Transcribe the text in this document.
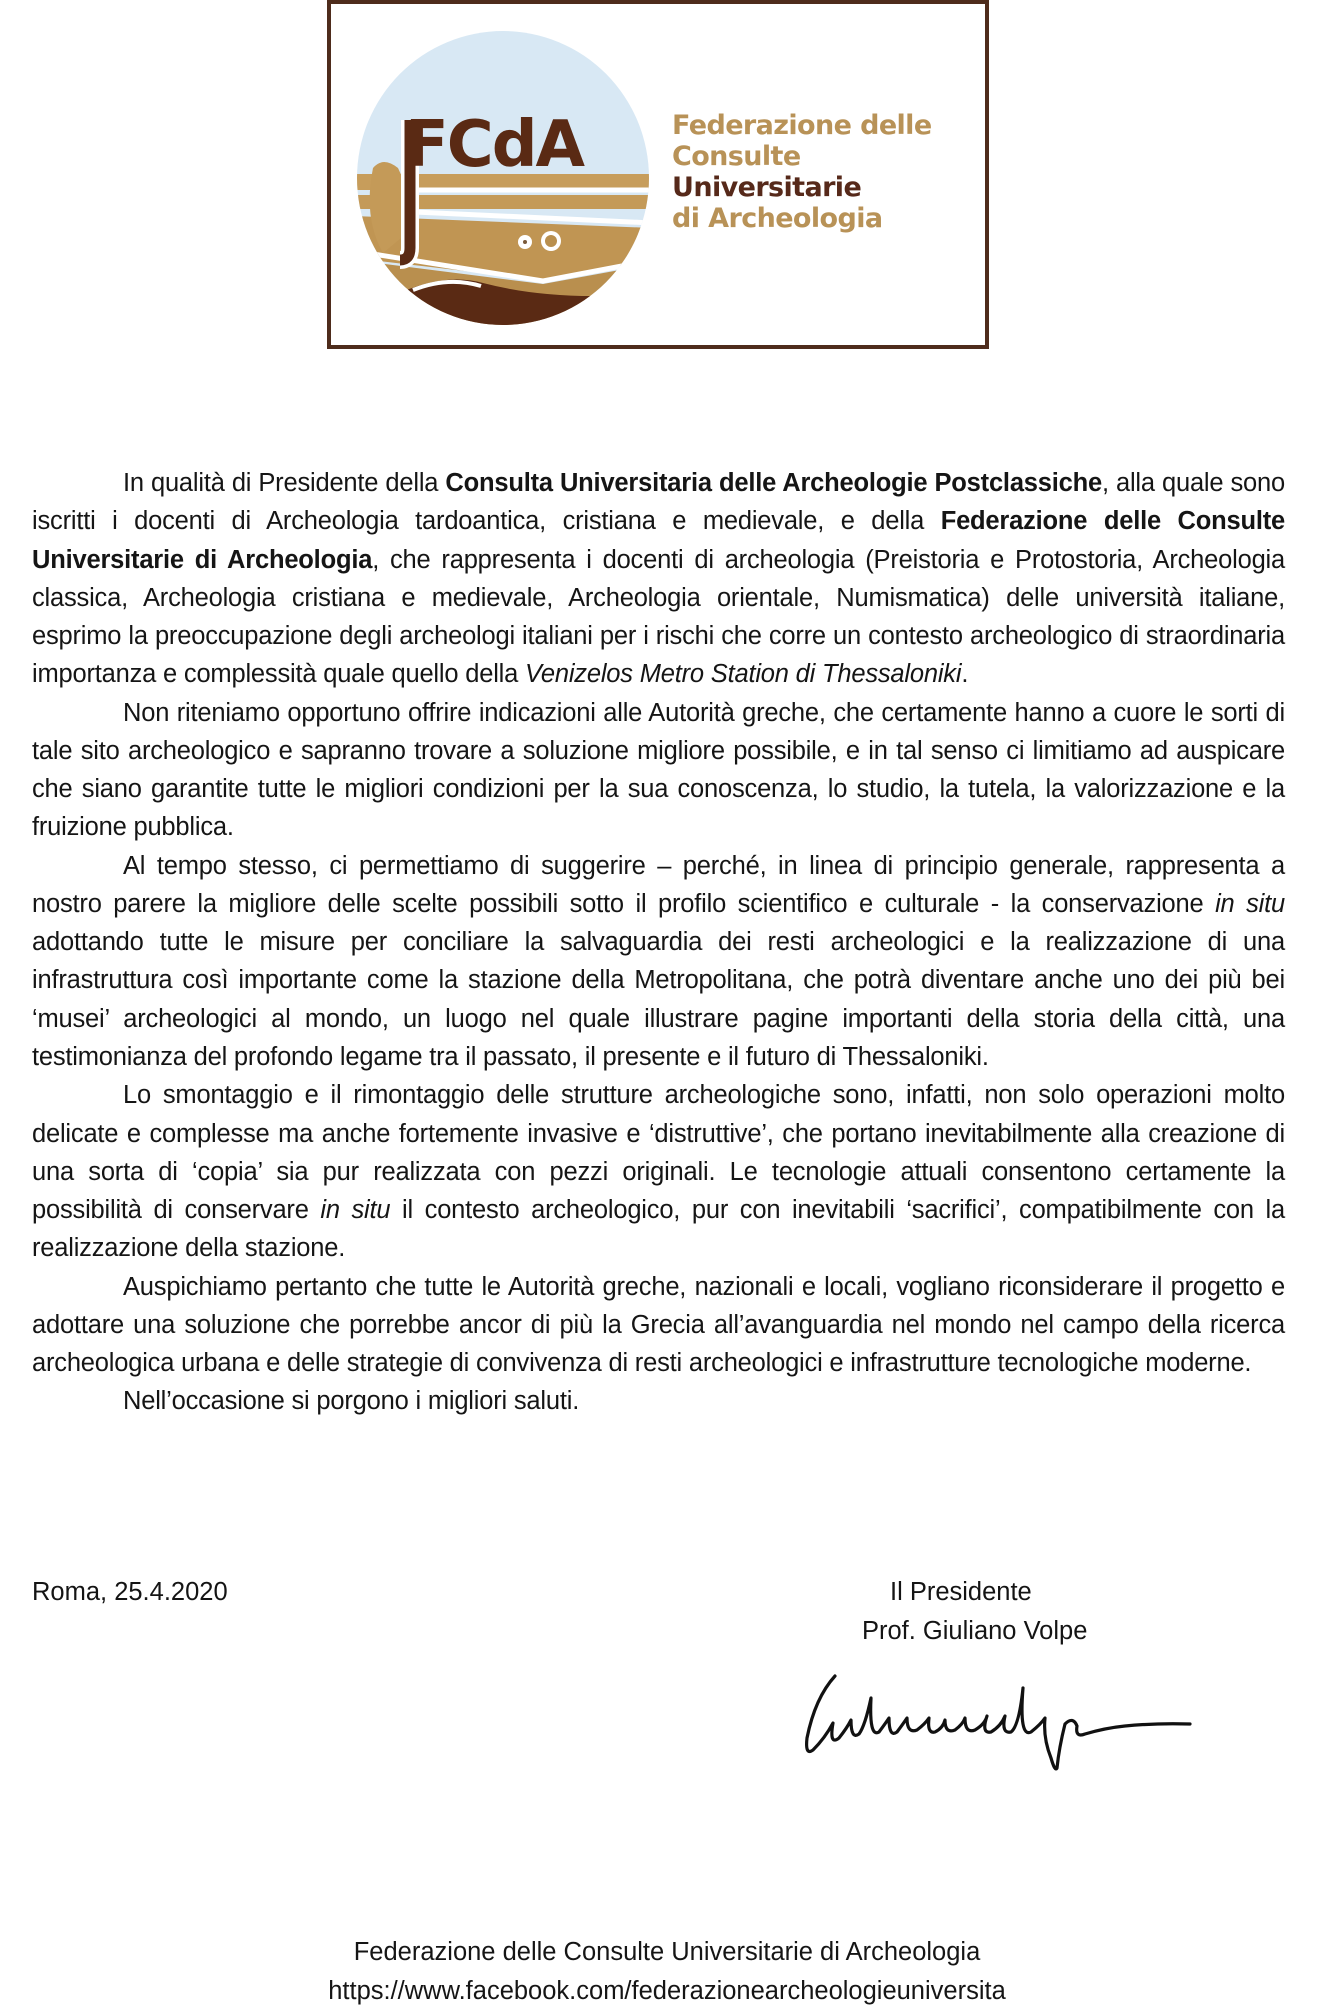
FCdA	Federazione delle
Consulte
Universitarie
di Archeologia

In qualità di Presidente della Consulta Universitaria delle Archeologie Postclassiche, alla quale sono iscritti i docenti di Archeologia tardoantica, cristiana e medievale, e della Federazione delle Consulte Universitarie di Archeologia, che rappresenta i docenti di archeologia (Preistoria e Protostoria, Archeologia classica, Archeologia cristiana e medievale, Archeologia orientale, Numismatica) delle università italiane, esprimo la preoccupazione degli archeologi italiani per i rischi che corre un contesto archeologico di straordinaria importanza e complessità quale quello della Venizelos Metro Station di Thessaloniki.

Non riteniamo opportuno offrire indicazioni alle Autorità greche, che certamente hanno a cuore le sorti di tale sito archeologico e sapranno trovare a soluzione migliore possibile, e in tal senso ci limitiamo ad auspicare che siano garantite tutte le migliori condizioni per la sua conoscenza, lo studio, la tutela, la valorizzazione e la fruizione pubblica.

Al tempo stesso, ci permettiamo di suggerire – perché, in linea di principio generale, rappresenta a nostro parere la migliore delle scelte possibili sotto il profilo scientifico e culturale - la conservazione in situ adottando tutte le misure per conciliare la salvaguardia dei resti archeologici e la realizzazione di una infrastruttura così importante come la stazione della Metropolitana, che potrà diventare anche uno dei più bei ‘musei’ archeologici al mondo, un luogo nel quale illustrare pagine importanti della storia della città, una testimonianza del profondo legame tra il passato, il presente e il futuro di Thessaloniki.

Lo smontaggio e il rimontaggio delle strutture archeologiche sono, infatti, non solo operazioni molto delicate e complesse ma anche fortemente invasive e ‘distruttive’, che portano inevitabilmente alla creazione di una sorta di ‘copia’ sia pur realizzata con pezzi originali. Le tecnologie attuali consentono certamente la possibilità di conservare in situ il contesto archeologico, pur con inevitabili ‘sacrifici’, compatibilmente con la realizzazione della stazione.

Auspichiamo pertanto che tutte le Autorità greche, nazionali e locali, vogliano riconsiderare il progetto e adottare una soluzione che porrebbe ancor di più la Grecia all’avanguardia nel mondo nel campo della ricerca archeologica urbana e delle strategie di convivenza di resti archeologici e infrastrutture tecnologiche moderne.

Nell’occasione si porgono i migliori saluti.

Roma, 25.4.2020	Il Presidente
Prof. Giuliano Volpe
Federazione delle Consulte Universitarie di Archeologia
https://www.facebook.com/federazionearcheologieuniversita
